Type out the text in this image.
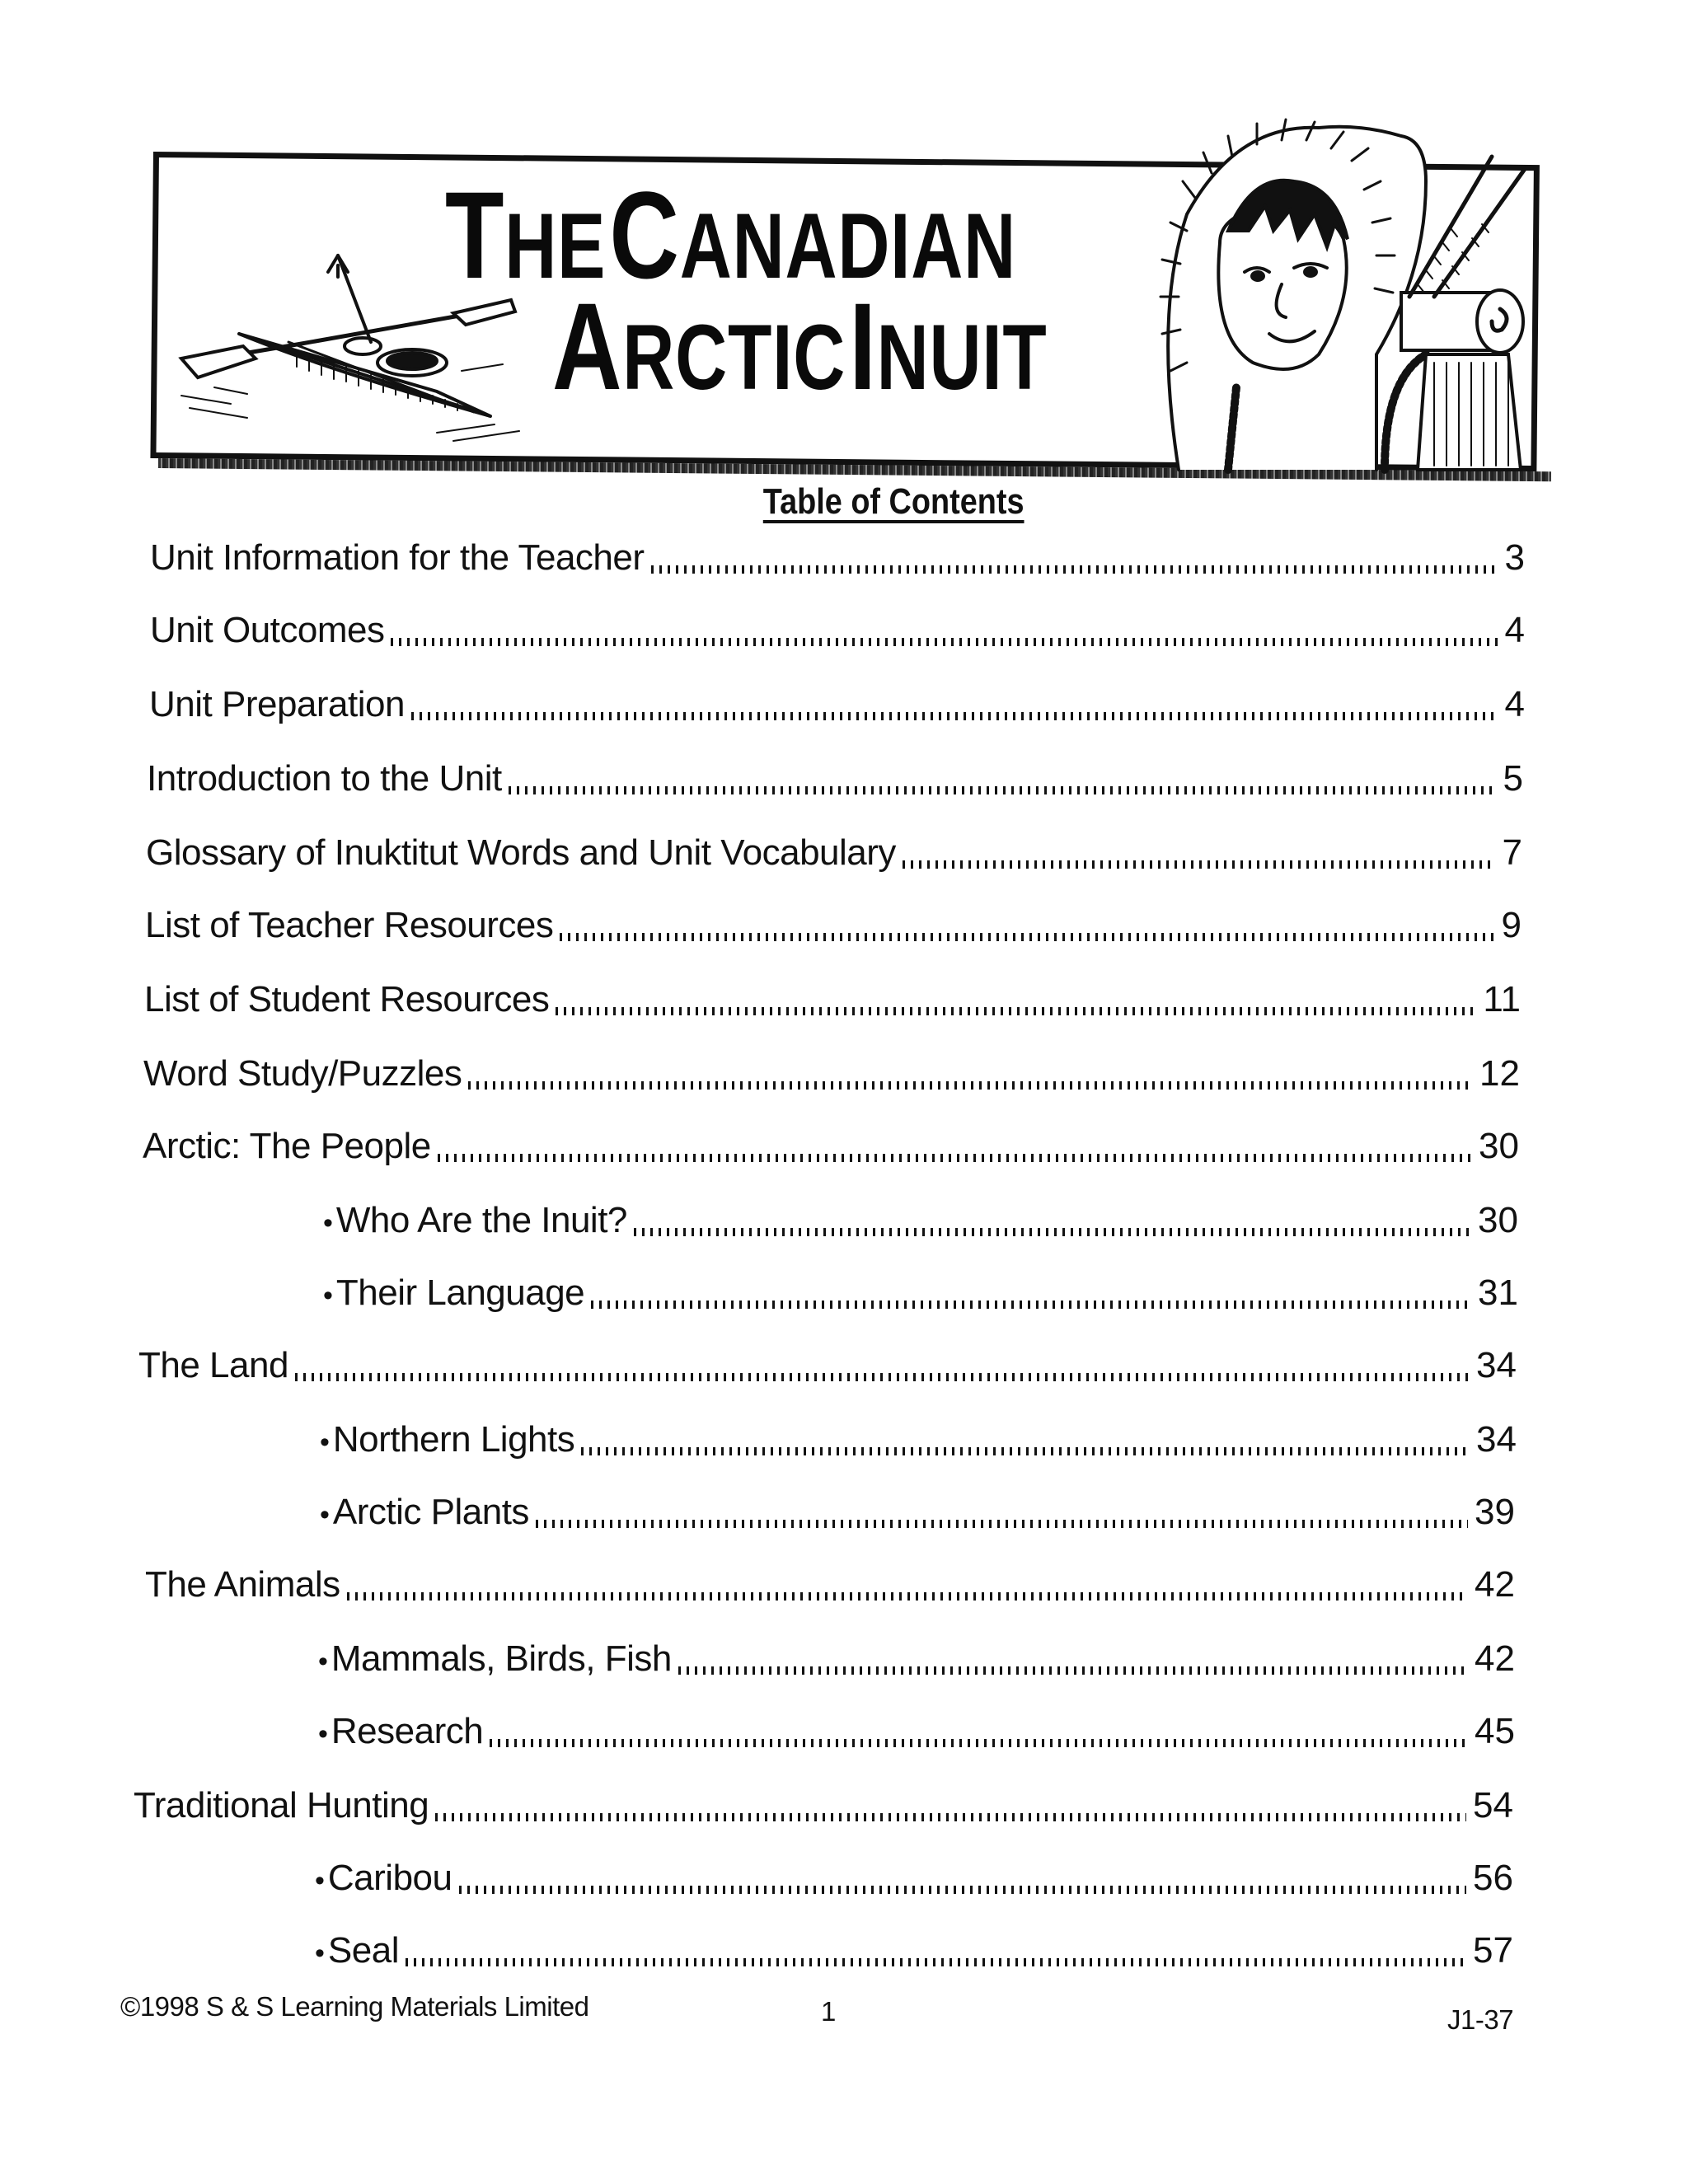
THE CANADIAN
ARCTIC INUIT
Table of Contents
Unit Information for the Teacher	3
Unit Outcomes	4
Unit Preparation	4
Introduction to the Unit	5
Glossary of Inuktitut Words and Unit Vocabulary	7
List of Teacher Resources	9
List of Student Resources	11
Word Study/Puzzles	12
Arctic: The People	30
• Who Are the Inuit?	30
• Their Language	31
The Land	34
• Northern Lights	34
• Arctic Plants	39
The Animals	42
• Mammals, Birds, Fish	42
• Research	45
Traditional Hunting	54
• Caribou	56
• Seal	57
©1998 S & S Learning Materials Limited	1	J1-37
